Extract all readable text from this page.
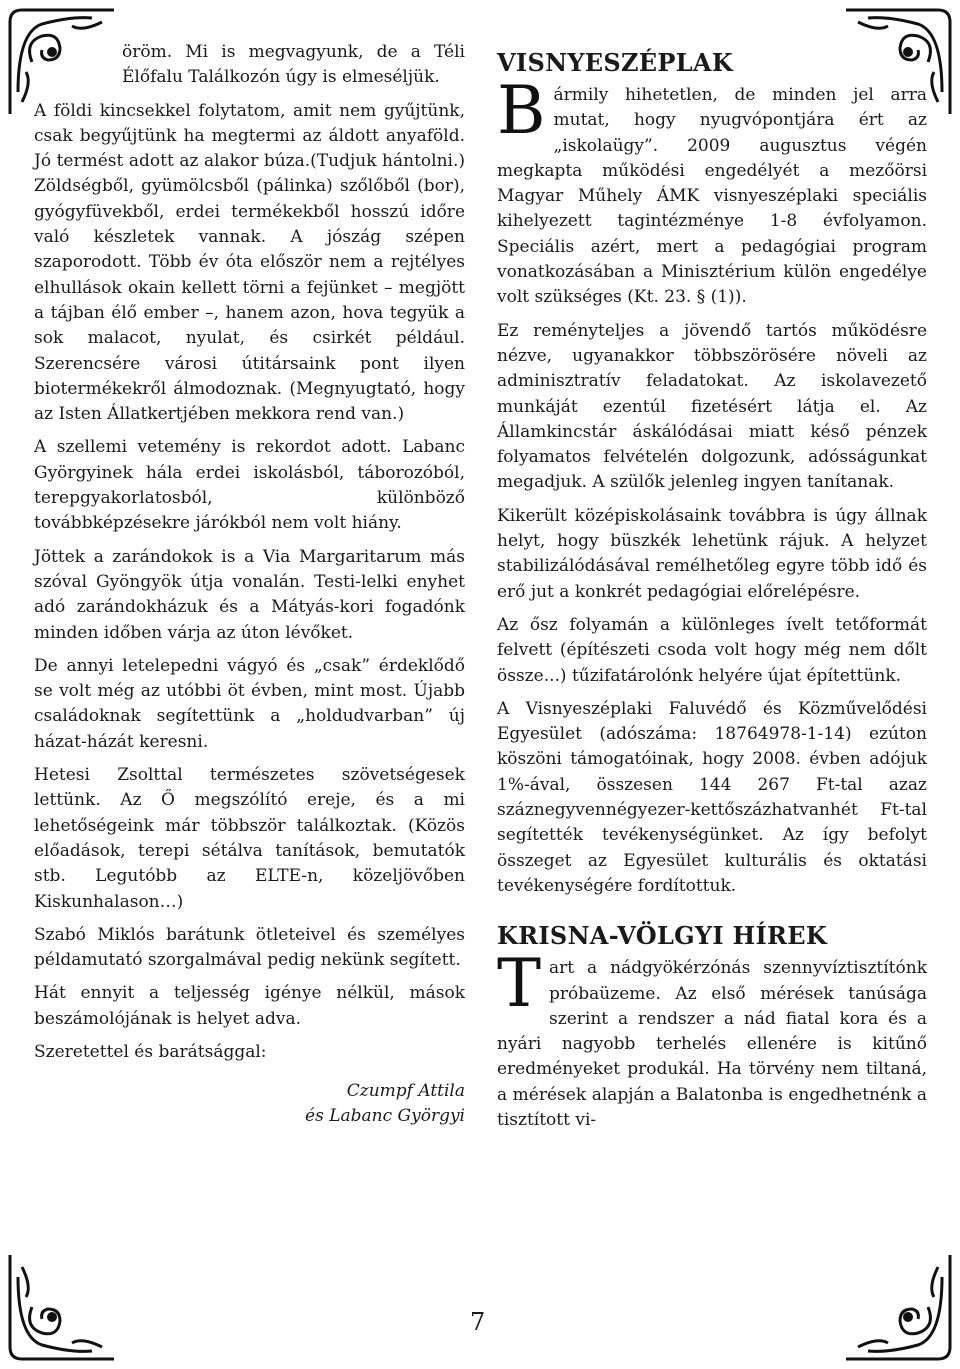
öröm. Mi is megvagyunk, de a Téli Élőfalu Találkozón úgy is elmeséljük.

A földi kincsekkel folytatom, amit nem gyűjtünk, csak begyűjtünk ha megtermi az áldott anyaföld. Jó termést adott az alakor búza.(Tudjuk hántolni.) Zöldségből, gyümölcsből (pálinka) szőlőből (bor), gyógyfüvekből, erdei termékekből hosszú időre való készletek vannak. A jószág szépen szaporodott. Több év óta először nem a rejtélyes elhullások okain kellett törni a fejünket – megjött a tájban élő ember –, hanem azon, hova tegyük a sok malacot, nyulat, és csirkét például. Szerencsére városi útitársaink pont ilyen biotermékekről álmodoznak. (Megnyugtató, hogy az Isten Állatkertjében mekkora rend van.)

A szellemi vetemény is rekordot adott. Labanc Györgyinek hála erdei iskolásból, táborozóból, terepgyakorlatosból, különböző továbbképzésekre járókból nem volt hiány.

Jöttek a zarándokok is a Via Margaritarum más szóval Gyöngyök útja vonalán. Testi-lelki enyhet adó zarándokházuk és a Mátyás-kori fogadónk minden időben várja az úton lévőket.

De annyi letelepedni vágyó és „csak” érdeklődő se volt még az utóbbi öt évben, mint most. Újabb családoknak segítettünk a „holdudvarban” új házat-házát keresni.

Hetesi Zsolttal természetes szövetségesek lettünk. Az Ő megszólító ereje, és a mi lehetőségeink már többször találkoztak. (Közös előadások, terepi sétálva tanítások, bemutatók stb. Legutóbb az ELTE-n, közeljövőben Kiskunhalason…)

Szabó Miklós barátunk ötleteivel és személyes példamutató szorgalmával pedig nekünk segített.

Hát ennyit a teljesség igénye nélkül, mások beszámolójának is helyet adva.

Szeretettel és barátsággal:

Czumpf Attila
és Labanc Györgyi
VISNYESZÉPLAK

Bármily hihetetlen, de minden jel arra mutat, hogy nyugvópontjára ért az „iskolaügy”. 2009 augusztus végén megkapta működési engedélyét a mezőörsi Magyar Műhely ÁMK visnyeszéplaki speciális kihelyezett tagintézménye 1-8 évfolyamon. Speciális azért, mert a pedagógiai program vonatkozásában a Minisztérium külön engedélye volt szükséges (Kt. 23. § (1)).

Ez reményteljes a jövendő tartós működésre nézve, ugyanakkor többszörösére növeli az adminisztratív feladatokat. Az iskolavezető munkáját ezentúl fizetésért látja el. Az Államkincstár áskálódásai miatt késő pénzek folyamatos felvételén dolgozunk, adósságunkat megadjuk. A szülők jelenleg ingyen tanítanak.

Kikerült középiskolásaink továbbra is úgy állnak helyt, hogy büszkék lehetünk rájuk. A helyzet stabilizálódásával remélhetőleg egyre több idő és erő jut a konkrét pedagógiai előrelépésre.

Az ősz folyamán a különleges ívelt tetőformát felvett (építészeti csoda volt hogy még nem dőlt össze...) tűzifatárolónk helyére újat építettünk.

A Visnyeszéplaki Faluvédő és Közművelődési Egyesület (adószáma: 18764978-1-14) ezúton köszöni támogatóinak, hogy 2008. évben adójuk 1%-ával, összesen 144 267 Ft-tal azaz száznegyvennégyezer-kettőszázhatvanhét Ft-tal segítették tevékenységünket. Az így befolyt összeget az Egyesület kulturális és oktatási tevékenységére fordítottuk.

KRISNA-VÖLGYI HÍREK

Tart a nádgyökérzónás szennyvíztisztítónk próbaüzeme. Az első mérések tanúsága szerint a rendszer a nád fiatal kora és a nyári nagyobb terhelés ellenére is kitűnő eredményeket produkál. Ha törvény nem tiltaná, a mérések alapján a Balatonba is engedhetnénk a tisztított vi-

7
